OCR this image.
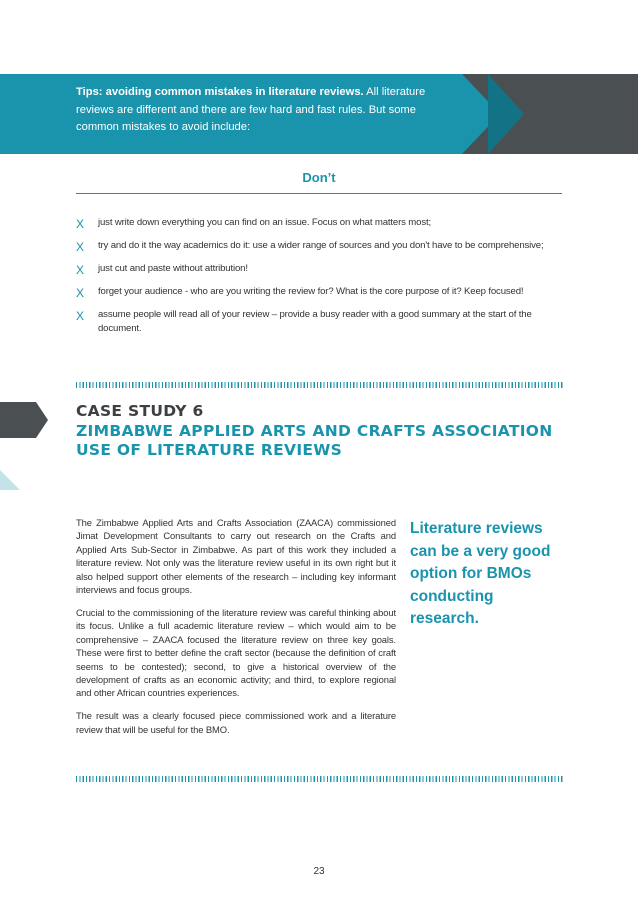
Tips: avoiding common mistakes in literature reviews. All literature reviews are different and there are few hard and fast rules. But some common mistakes to avoid include:
Don’t
X just write down everything you can find on an issue. Focus on what matters most;
X try and do it the way academics do it: use a wider range of sources and you don't have to be comprehensive;
X just cut and paste without attribution!
X forget your audience - who are you writing the review for? What is the core purpose of it? Keep focused!
X assume people will read all of your review – provide a busy reader with a good summary at the start of the document.
CASE STUDY 6
ZIMBABWE APPLIED ARTS AND CRAFTS ASSOCIATION
USE OF LITERATURE REVIEWS

The Zimbabwe Applied Arts and Crafts Association (ZAACA) commissioned Jimat Development Consultants to carry out research on the Crafts and Applied Arts Sub-Sector in Zimbabwe. As part of this work they included a literature review. Not only was the literature review useful in its own right but it also helped support other elements of the research – including key informant interviews and focus groups.

Crucial to the commissioning of the literature review was careful thinking about its focus. Unlike a full academic literature review – which would aim to be comprehensive – ZAACA focused the literature review on three key goals. These were first to better define the craft sector (because the definition of craft seems to be contested); second, to give a historical overview of the development of crafts as an economic activity; and third, to explore regional and other African countries experiences.

The result was a clearly focused piece commissioned work and a literature review that will be useful for the BMO.

Literature reviews can be a very good option for BMOs conducting research.
23
